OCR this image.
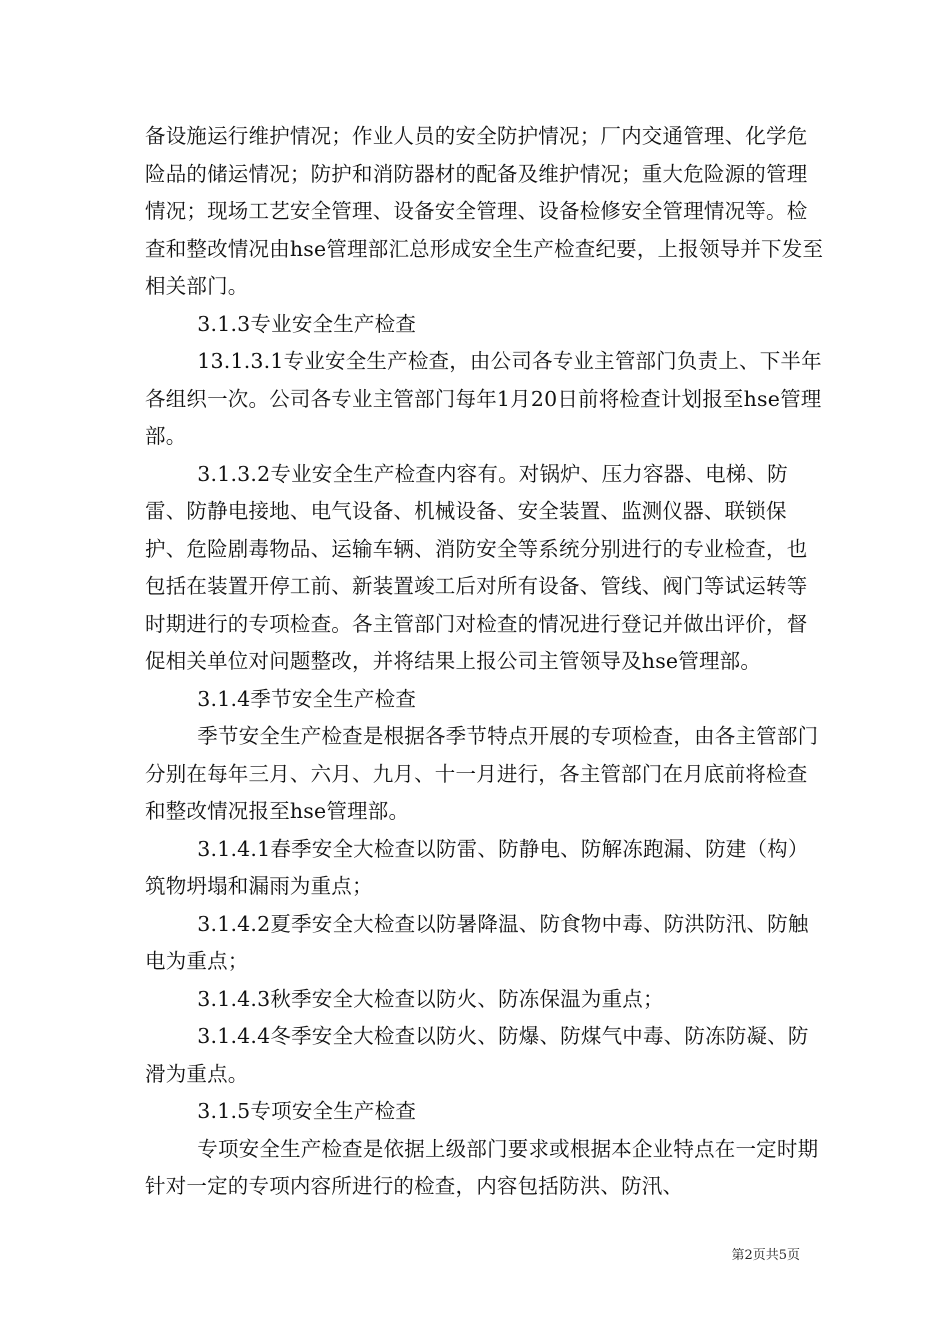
备设施运行维护情况；作业人员的安全防护情况；厂内交通管理、化学危险品的储运情况；防护和消防器材的配备及维护情况；重大危险源的管理情况；现场工艺安全管理、设备安全管理、设备检修安全管理情况等。检查和整改情况由hse管理部汇总形成安全生产检查纪要，上报领导并下发至相关部门。

3.1.3专业安全生产检查

13.1.3.1专业安全生产检查，由公司各专业主管部门负责上、下半年各组织一次。公司各专业主管部门每年1月20日前将检查计划报至hse管理部。

3.1.3.2专业安全生产检查内容有。对锅炉、压力容器、电梯、防雷、防静电接地、电气设备、机械设备、安全装置、监测仪器、联锁保护、危险剧毒物品、运输车辆、消防安全等系统分别进行的专业检查，也包括在装置开停工前、新装置竣工后对所有设备、管线、阀门等试运转等时期进行的专项检查。各主管部门对检查的情况进行登记并做出评价，督促相关单位对问题整改，并将结果上报公司主管领导及hse管理部。

3.1.4季节安全生产检查

季节安全生产检查是根据各季节特点开展的专项检查，由各主管部门分别在每年三月、六月、九月、十一月进行，各主管部门在月底前将检查和整改情况报至hse管理部。

3.1.4.1春季安全大检查以防雷、防静电、防解冻跑漏、防建（构）筑物坍塌和漏雨为重点；

3.1.4.2夏季安全大检查以防暑降温、防食物中毒、防洪防汛、防触电为重点；

3.1.4.3秋季安全大检查以防火、防冻保温为重点；

3.1.4.4冬季安全大检查以防火、防爆、防煤气中毒、防冻防凝、防滑为重点。

3.1.5专项安全生产检查

专项安全生产检查是依据上级部门要求或根据本企业特点在一定时期针对一定的专项内容所进行的检查，内容包括防洪、防汛、

第2页共5页
